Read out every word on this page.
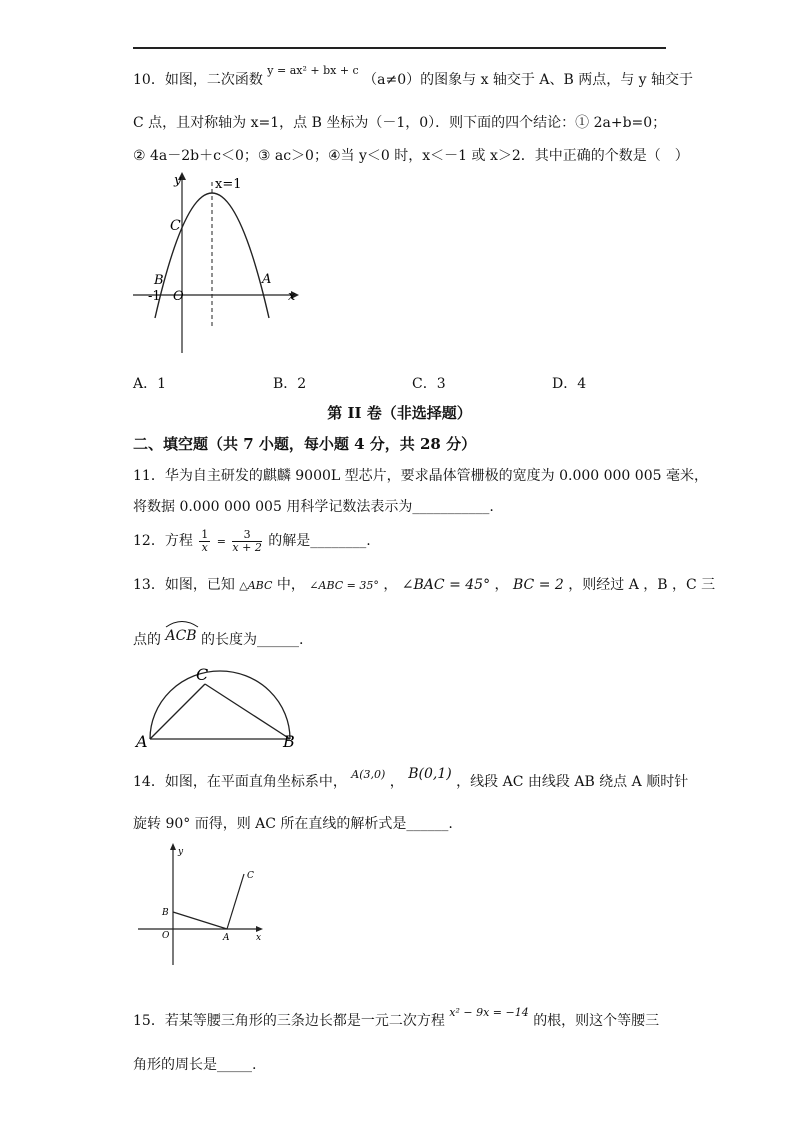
10．如图，二次函数 $^{y = ax^2 + bx + c}$ （a≠0）的图象与 x 轴交于 A、B 两点，与 y 轴交于
C 点，且对称轴为 x=1，点 B 坐标为（－1，0）．则下面的四个结论：① 2a+b=0；
② 4a－2b＋c＜0；③ ac＞0；④当 y＜0 时，x＜－1 或 x＞2．其中正确的个数是（　）
y	x=1
C
B	A
-1 O	x
A．1	B．2	C．3	D．4
第 II 卷（非选择题）
二、填空题（共 7 小题，每小题 4 分，共 28 分）
11．华为自主研发的麒麟 9000L 型芯片，要求晶体管栅极的宽度为 0.000 000 005 毫米，
将数据 0.000 000 005 用科学记数法表示为___________.
12．方程 $\frac{1}{x} = \frac{3}{x + 2}$ 的解是________.
13．如图，已知 △ABC 中， ∠ABC = 35° ， ∠BAC = 45° ， BC = 2 ，则经过 A ，B ，C 三
点的 ACB 的长度为______.
C
A	B
14．如图，在平面直角坐标系中， $^{A(3,0)}$ ， B(0,1) ，线段 AC 由线段 AB 绕点 A 顺时针
旋转 90° 而得，则 AC 所在直线的解析式是______.
y
C
B
O	A	x
15．若某等腰三角形的三条边长都是一元二次方程 $^{x^2 - 9x = -14}$ 的根，则这个等腰三
角形的周长是_____.
